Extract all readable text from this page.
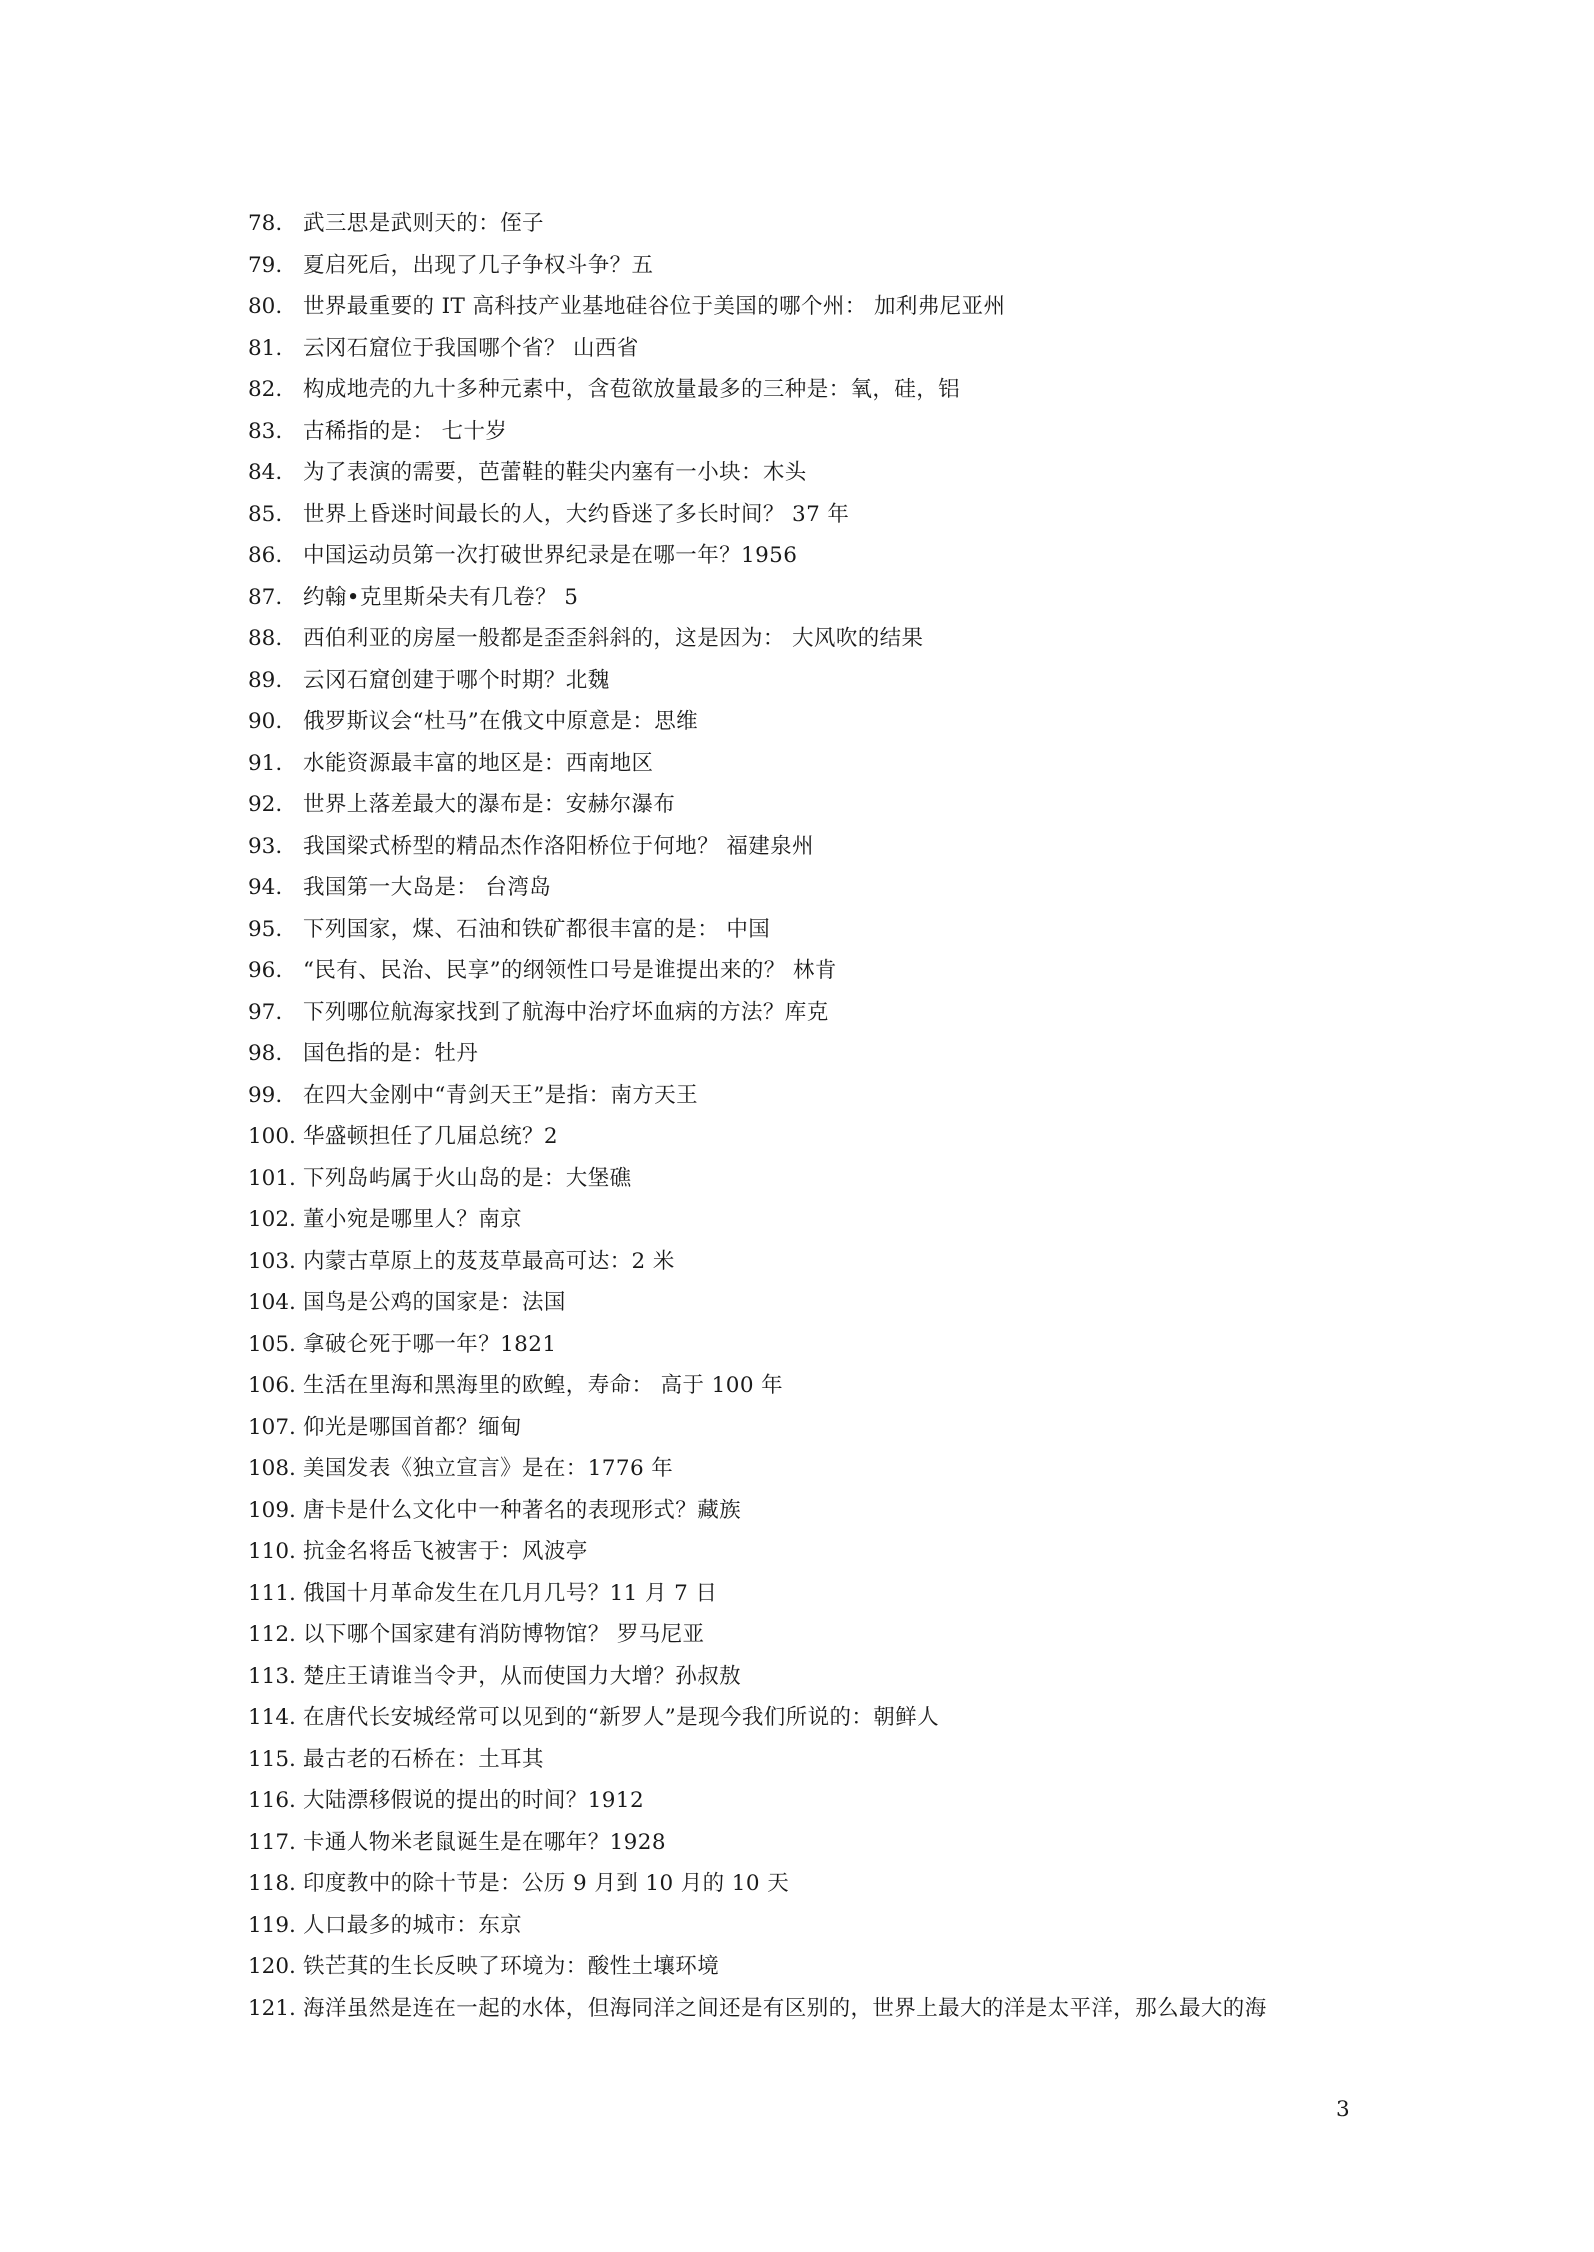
78. 武三思是武则天的：侄子
79. 夏启死后，出现了几子争权斗争？五
80. 世界最重要的 IT 高科技产业基地硅谷位于美国的哪个州： 加利弗尼亚州
81. 云冈石窟位于我国哪个省？ 山西省
82. 构成地壳的九十多种元素中，含苞欲放量最多的三种是：氧，硅，铝
83. 古稀指的是： 七十岁
84. 为了表演的需要，芭蕾鞋的鞋尖内塞有一小块：木头
85. 世界上昏迷时间最长的人，大约昏迷了多长时间？ 37 年
86. 中国运动员第一次打破世界纪录是在哪一年？1956
87. 约翰•克里斯朵夫有几卷？ 5
88. 西伯利亚的房屋一般都是歪歪斜斜的，这是因为： 大风吹的结果
89. 云冈石窟创建于哪个时期？北魏
90. 俄罗斯议会“杜马”在俄文中原意是：思维
91. 水能资源最丰富的地区是：西南地区
92. 世界上落差最大的瀑布是：安赫尔瀑布
93. 我国梁式桥型的精品杰作洛阳桥位于何地？ 福建泉州
94. 我国第一大岛是： 台湾岛
95. 下列国家，煤、石油和铁矿都很丰富的是： 中国
96. “民有、民治、民享”的纲领性口号是谁提出来的？ 林肯
97. 下列哪位航海家找到了航海中治疗坏血病的方法？库克
98. 国色指的是：牡丹
99. 在四大金刚中“青剑天王”是指：南方天王
100. 华盛顿担任了几届总统？2
101. 下列岛屿属于火山岛的是：大堡礁
102. 董小宛是哪里人？南京
103. 内蒙古草原上的芨芨草最高可达：2 米
104. 国鸟是公鸡的国家是：法国
105. 拿破仑死于哪一年？1821
106. 生活在里海和黑海里的欧鳇，寿命： 高于 100 年
107. 仰光是哪国首都？缅甸
108. 美国发表《独立宣言》是在：1776 年
109. 唐卡是什么文化中一种著名的表现形式？藏族
110. 抗金名将岳飞被害于：风波亭
111. 俄国十月革命发生在几月几号？11 月 7 日
112. 以下哪个国家建有消防博物馆？ 罗马尼亚
113. 楚庄王请谁当令尹，从而使国力大增？孙叔敖
114. 在唐代长安城经常可以见到的“新罗人”是现今我们所说的：朝鲜人
115. 最古老的石桥在：土耳其
116. 大陆漂移假说的提出的时间？1912
117. 卡通人物米老鼠诞生是在哪年？1928
118. 印度教中的除十节是：公历 9 月到 10 月的 10 天
119. 人口最多的城市：东京
120. 铁芒萁的生长反映了环境为：酸性土壤环境
121. 海洋虽然是连在一起的水体，但海同洋之间还是有区别的，世界上最大的洋是太平洋，那么最大的海
3
